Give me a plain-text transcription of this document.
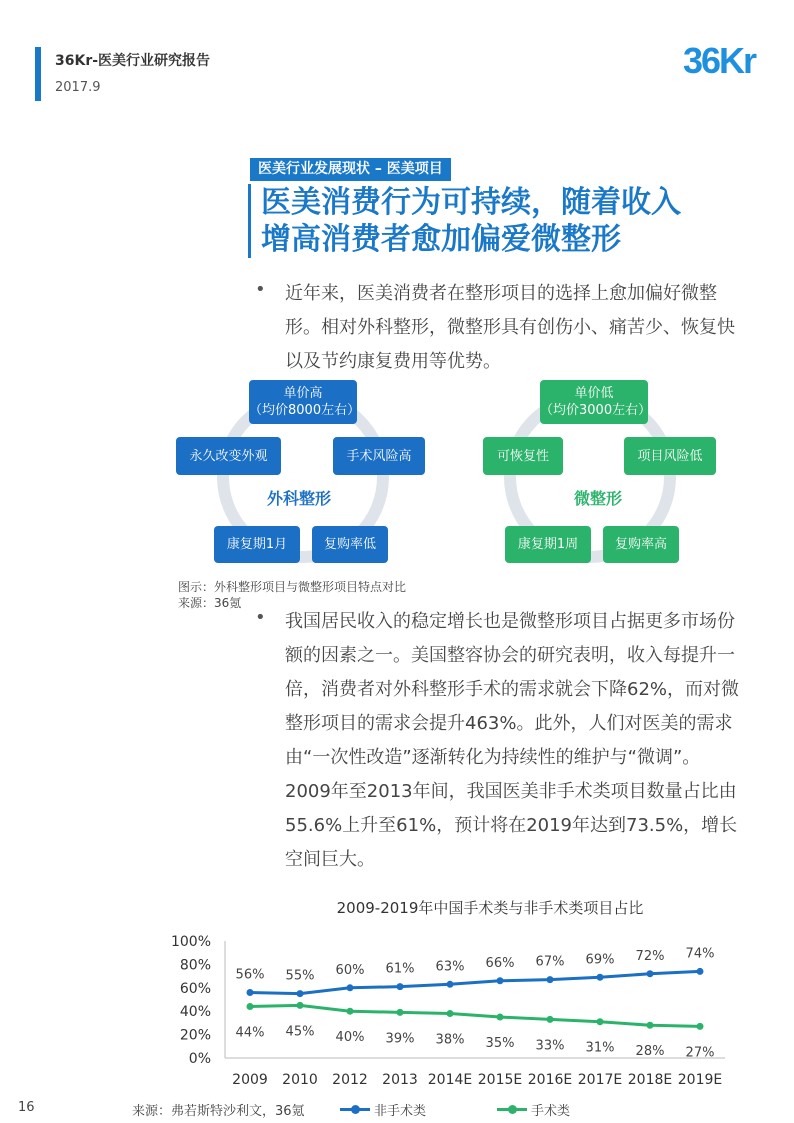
36Kr-医美行业研究报告
2017.9
36Kr
医美行业发展现状 – 医美项目
医美消费行为可持续，随着收入
增高消费者愈加偏爱微整形
• 近年来，医美消费者在整形项目的选择上愈加偏好微整形。相对外科整形，微整形具有创伤小、痛苦少、恢复快以及节约康复费用等优势。
外科整形
单价高
（均价8000左右）
永久改变外观	手术风险高
康复期1月	复购率低
微整形
单价低
（均价3000左右）
可恢复性	项目风险低
康复期1周	复购率高
图示：外科整形项目与微整形项目特点对比
来源：36氪
• 我国居民收入的稳定增长也是微整形项目占据更多市场份额的因素之一。美国整容协会的研究表明，收入每提升一倍，消费者对外科整形手术的需求就会下降62%，而对微整形项目的需求会提升463%。此外，人们对医美的需求由“一次性改造”逐渐转化为持续性的维护与“微调”。2009年至2013年间，我国医美非手术类项目数量占比由55.6%上升至61%，预计将在2019年达到73.5%，增长空间巨大。
2009-2019年中国手术类与非手术类项目占比
0%
20%
40%
60%
80%
100%
2009 2010 2012 2013 2014E 2015E 2016E 2017E 2018E 2019E
56% 55% 60% 61% 63% 66% 67% 69% 72% 74%
44% 45% 40% 39% 38% 35% 33% 31% 28% 27%
16	来源：弗若斯特沙利文，36氪	非手术类	手术类
